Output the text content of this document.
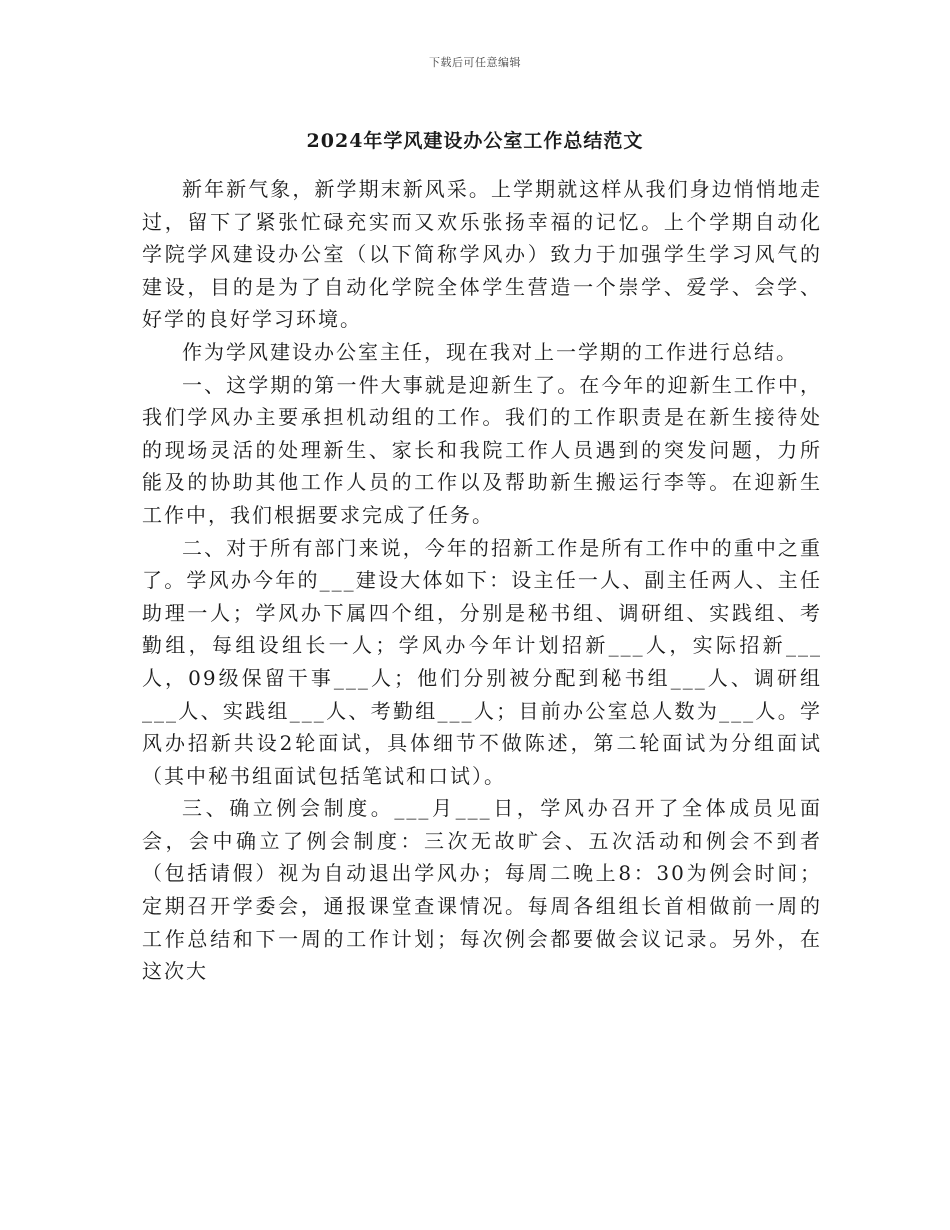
下载后可任意编辑
2024年学风建设办公室工作总结范文

新年新气象，新学期末新风采。上学期就这样从我们身边悄悄地走过，留下了紧张忙碌充实而又欢乐张扬幸福的记忆。上个学期自动化学院学风建设办公室（以下简称学风办）致力于加强学生学习风气的建设，目的是为了自动化学院全体学生营造一个崇学、爱学、会学、好学的良好学习环境。

作为学风建设办公室主任，现在我对上一学期的工作进行总结。

一、这学期的第一件大事就是迎新生了。在今年的迎新生工作中，我们学风办主要承担机动组的工作。我们的工作职责是在新生接待处的现场灵活的处理新生、家长和我院工作人员遇到的突发问题，力所能及的协助其他工作人员的工作以及帮助新生搬运行李等。在迎新生工作中，我们根据要求完成了任务。

二、对于所有部门来说，今年的招新工作是所有工作中的重中之重了。学风办今年的___建设大体如下：设主任一人、副主任两人、主任助理一人；学风办下属四个组，分别是秘书组、调研组、实践组、考勤组，每组设组长一人；学风办今年计划招新___人，实际招新___人，09级保留干事___人；他们分别被分配到秘书组___人、调研组___人、实践组___人、考勤组___人；目前办公室总人数为___人。学风办招新共设2轮面试，具体细节不做陈述，第二轮面试为分组面试（其中秘书组面试包括笔试和口试）。

三、确立例会制度。___月___日，学风办召开了全体成员见面会，会中确立了例会制度：三次无故旷会、五次活动和例会不到者（包括请假）视为自动退出学风办；每周二晚上8：30为例会时间；定期召开学委会，通报课堂查课情况。每周各组组长首相做前一周的工作总结和下一周的工作计划；每次例会都要做会议记录。另外，在这次大
